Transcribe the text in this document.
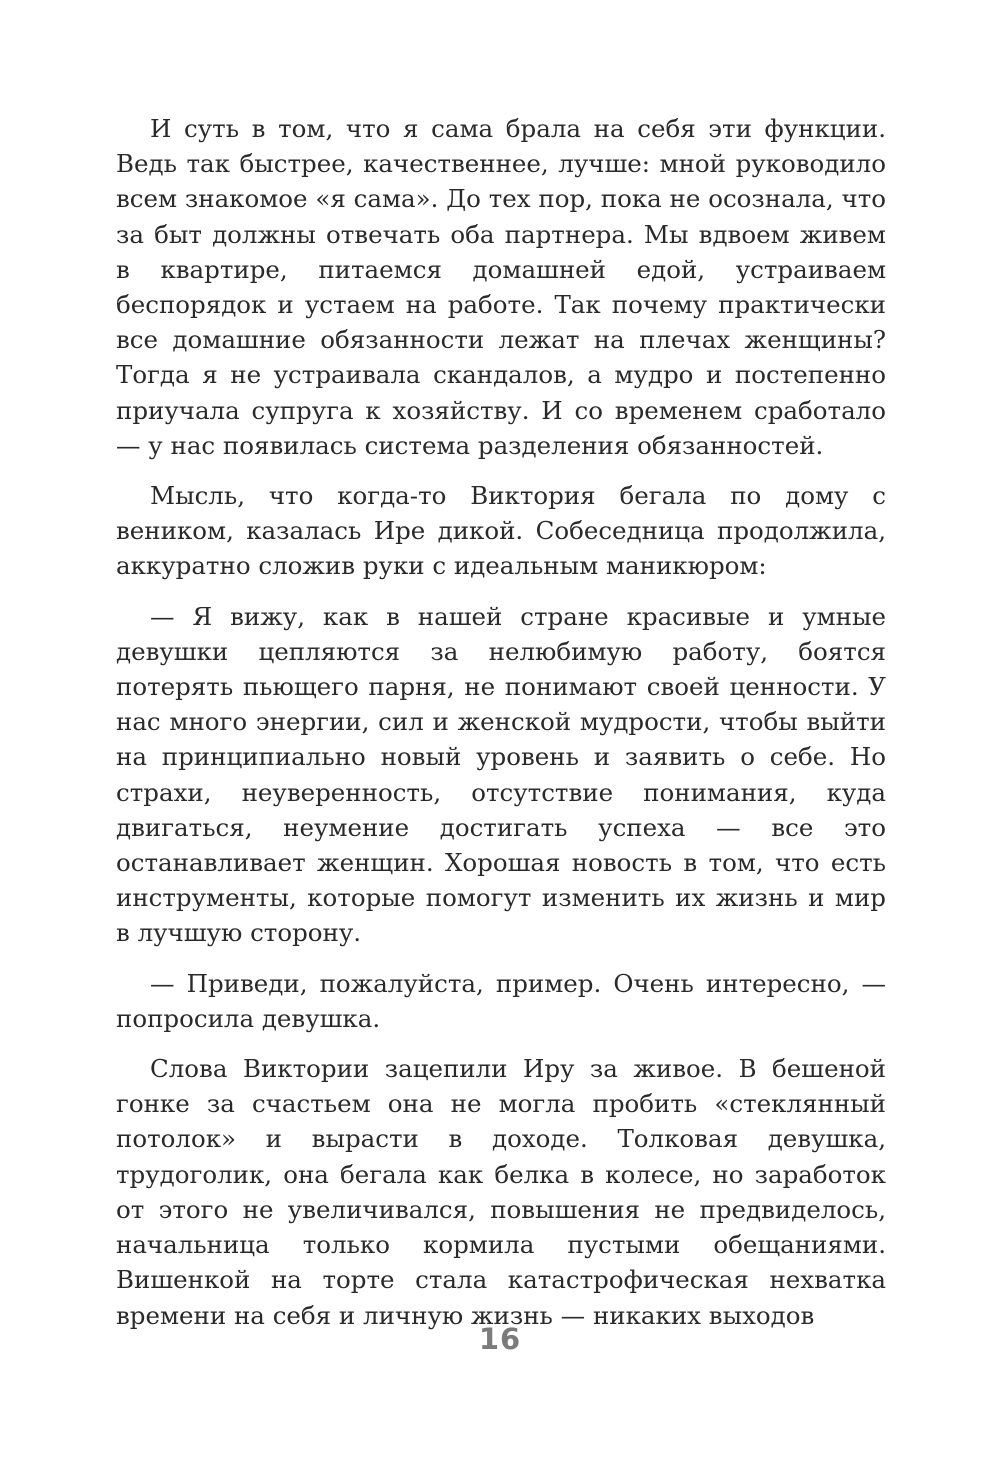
И суть в том, что я сама брала на себя эти функции. Ведь так быстрее, качественнее, лучше: мной руководило всем знакомое «я сама». До тех пор, пока не осознала, что за быт должны отвечать оба партнера. Мы вдвоем живем в квартире, питаемся домашней едой, устраиваем беспорядок и устаем на работе. Так почему практически все домашние обязанности лежат на плечах женщины? Тогда я не устраивала скандалов, а мудро и постепенно приучала супруга к хозяйству. И со временем сработало — у нас появилась система разделения обязанностей.

Мысль, что когда-то Виктория бегала по дому с веником, казалась Ире дикой. Собеседница продолжила, аккуратно сложив руки с идеальным маникюром:

— Я вижу, как в нашей стране красивые и умные девушки цепляются за нелюбимую работу, боятся потерять пьющего парня, не понимают своей ценности. У нас много энергии, сил и женской мудрости, чтобы выйти на принципиально новый уровень и заявить о себе. Но страхи, неуверенность, отсутствие понимания, куда двигаться, неумение достигать успеха — все это останавливает женщин. Хорошая новость в том, что есть инструменты, которые помогут изменить их жизнь и мир в лучшую сторону.

— Приведи, пожалуйста, пример. Очень интересно, — попросила девушка.

Слова Виктории зацепили Иру за живое. В бешеной гонке за счастьем она не могла пробить «стеклянный потолок» и вырасти в доходе. Толковая девушка, трудоголик, она бегала как белка в колесе, но заработок от этого не увеличивался, повышения не предвиделось, начальница только кормила пустыми обещаниями. Вишенкой на торте стала катастрофическая нехватка времени на себя и личную жизнь — никаких выходов

16
